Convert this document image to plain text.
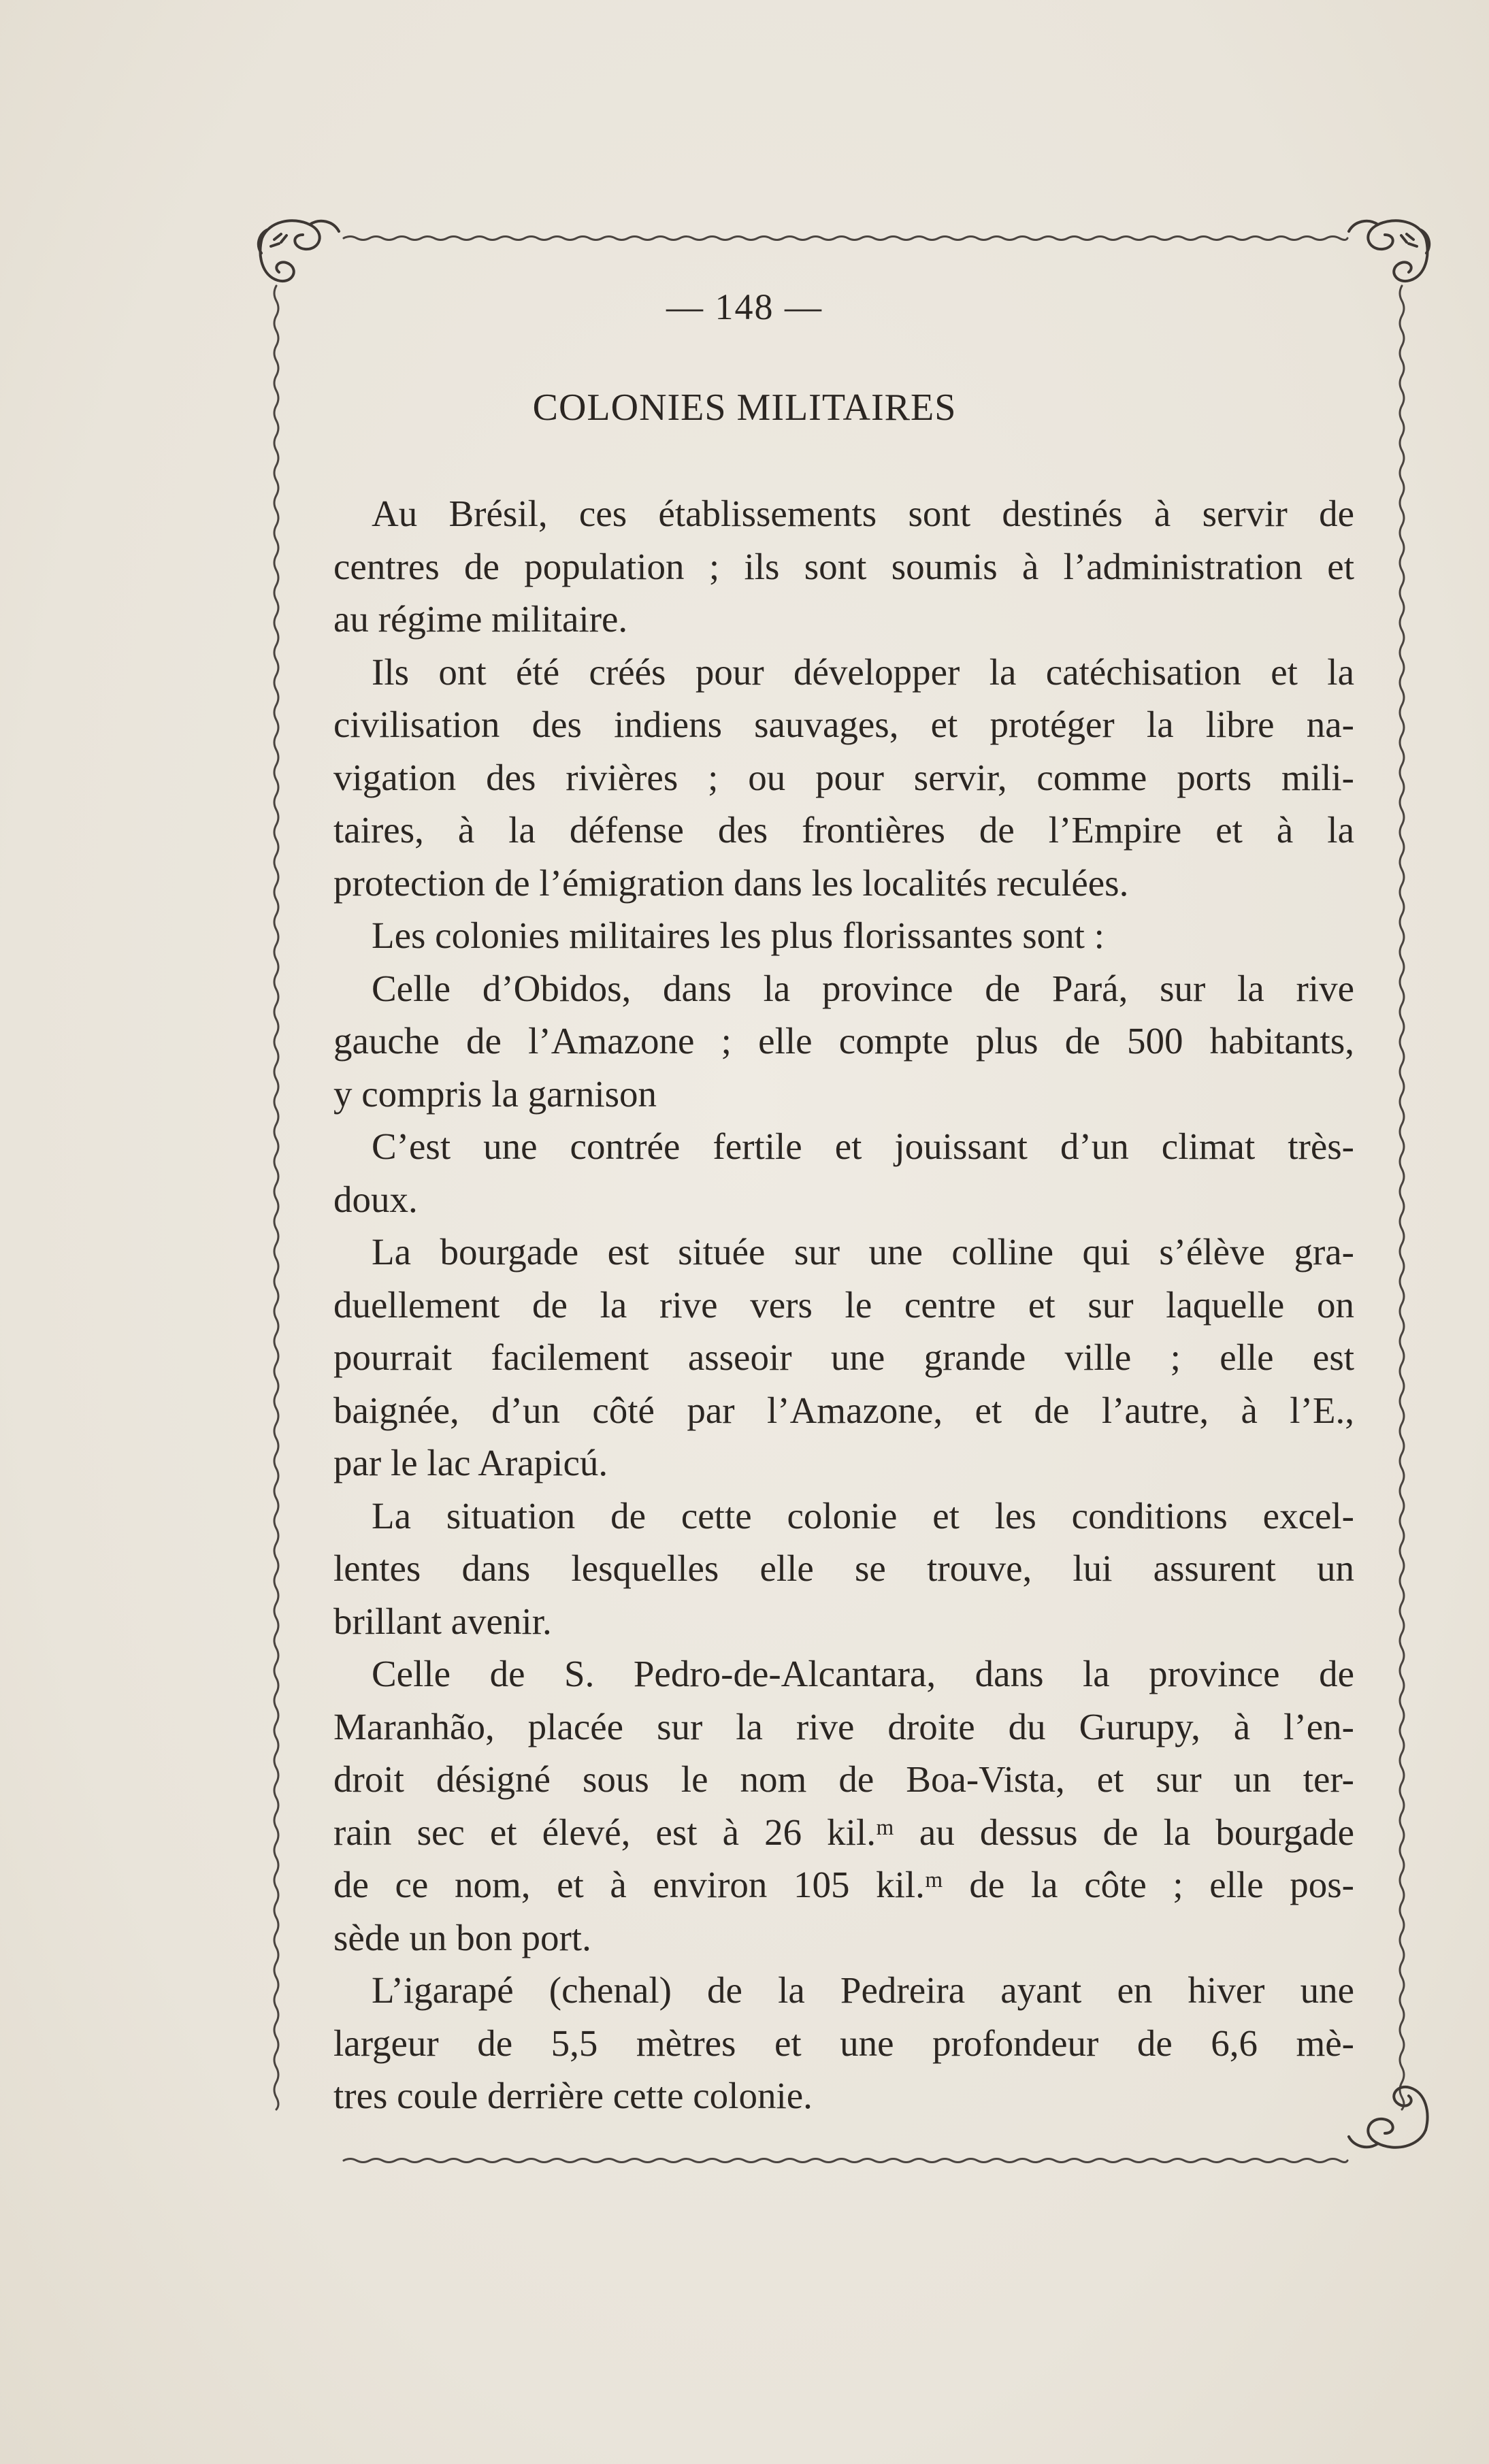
— 148 —
COLONIES MILITAIRES
Au Brésil, ces établissements sont destinés à servir de
centres de population ; ils sont soumis à l’administration et
au régime militaire.
Ils ont été créés pour développer la catéchisation et la
civilisation des indiens sauvages, et protéger la libre na-
vigation des rivières ; ou pour servir, comme ports mili-
taires, à la défense des frontières de l’Empire et à la
protection de l’émigration dans les localités reculées.
Les colonies militaires les plus florissantes sont :
Celle d’Obidos, dans la province de Pará, sur la rive
gauche de l’Amazone ; elle compte plus de 500 habitants,
y compris la garnison
C’est une contrée fertile et jouissant d’un climat très-
doux.
La bourgade est située sur une colline qui s’élève gra-
duellement de la rive vers le centre et sur laquelle on
pourrait facilement asseoir une grande ville ; elle est
baignée, d’un côté par l’Amazone, et de l’autre, à l’E.,
par le lac Arapicú.
La situation de cette colonie et les conditions excel-
lentes dans lesquelles elle se trouve, lui assurent un
brillant avenir.
Celle de S. Pedro-de-Alcantara, dans la province de
Maranhão, placée sur la rive droite du Gurupy, à l’en-
droit désigné sous le nom de Boa-Vista, et sur un ter-
rain sec et élevé, est à 26 kil.ᵐ au dessus de la bourgade
de ce nom, et à environ 105 kil.ᵐ de la côte ; elle pos-
sède un bon port.
L’igarapé (chenal) de la Pedreira ayant en hiver une
largeur de 5,5 mètres et une profondeur de 6,6 mè-
tres coule derrière cette colonie.
